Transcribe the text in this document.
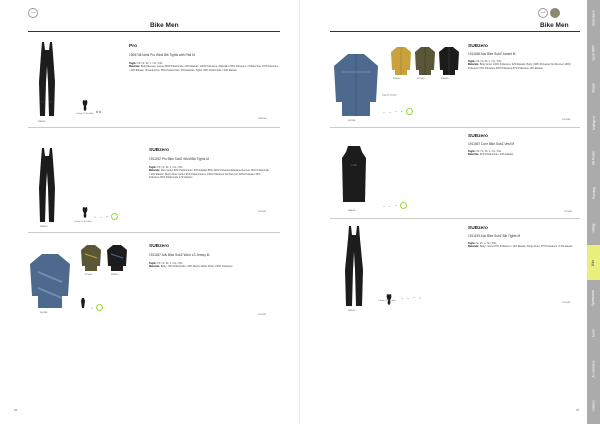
craft
Bike Men
999000
Infinity 2.0 Pad Men
Pro
1906748 Ideal Pro Wind Bib Tights with Pad M
Taglie: XS / S / M / L / XL / XXL
Materiale: Body/Sleeves: tessuto 80% Poliammide / 20% Elastan, 100% Poliestere. Material in 65% Poliestere / Poliammide, 87% Poliestere / 13% Elastan. Shoulder/Arm: 85% Poliammide / 15% Elastan; Tights: 90% Poliammide / 10% Elastan
1906748
999000
•	~	*
Infinity 2.0 Pad Men
SUBzero
1911192 Pro Bike SubZ Wind Bib Tights M
Taglie: XS / S / M / L / XL / XXL
Materiale: Dtex Vortex 80% Poliammide / 20% Elastan 85%-100% Poliestere/Elastane Recover 90% Poliammide / 10% Elastan. Body winter Vortex 93% Poliammide in 100% Poliestere Nel Recover 100% Poliester 15% Poliestere 80% Poliammide 17% Elastan
1911192
362396
671000	999000
•
SUBzero
1911187 Adv Bike SubZ Wool LS Jersey M
Taglie: XS / S / M / L / XL / XXL
Materiale: Body: 70% Poliammide / 30% Merino Wolle, Body: 100% Poliestere
1911187
56
craft
Bike Men
362396
600000	671000	999000
VENTAIR
•	~	°	*
SUBzero
1911188 Adv Bike SubZ Jacket M
Taglie: XS / S / M / L / XL / XXL
Materiale: Body winter 100% Poliestere; 92% Elastan. Body: 100% Polyester Nel Recover 100% Poliestere 15% Poliestere 85% Poliestere 87% Poliestere 13% Elastan
1911188
craft
999000
•	~	*
SUBzero
1911657 Core Bike SubZ Vest M
Taglie: XS / S / M / L / XL / XXL
Materiale: 87% Poliammide / 13% Elastan
1911657
999000
•	~	*	▪
Infinity 2.0 Pad Men
SUBzero
1911193 Adv Bike SubZ Bib Tights M
Taglie: S / M / L / XL / XXL
Materiale: Body: cotone 87% Poliestere / 13% Elastan. Body winter: 87% Poliestere / 13% Elastan
1911193
57
Endurance
Sport RRR
Strada
Multisport
Ski Nordic
Running
Hiking
Bike
Sportswear
Junior
Accessories
Underw
